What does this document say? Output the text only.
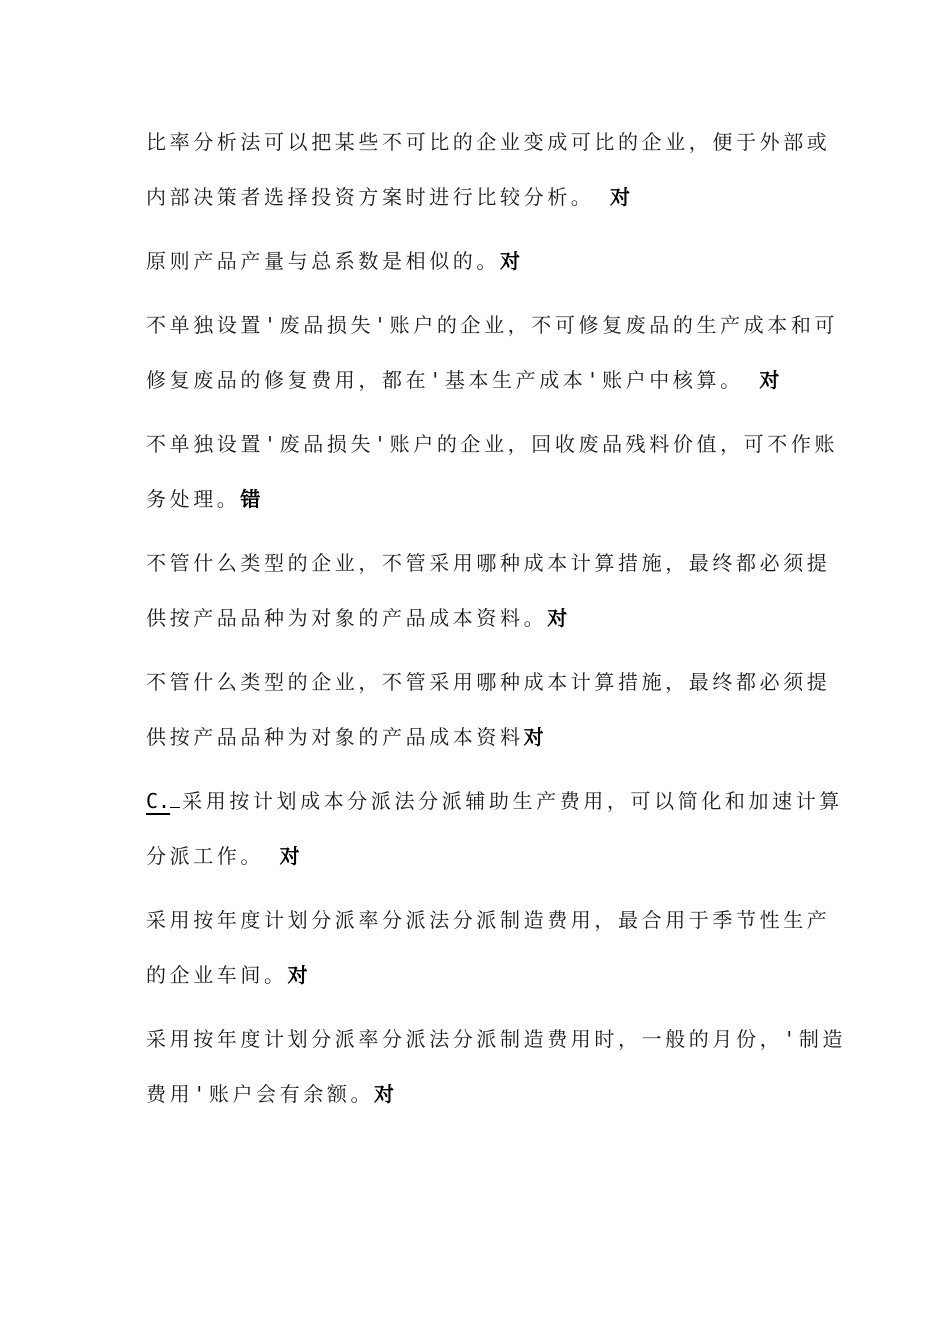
比率分析法可以把某些不可比的企业变成可比的企业，便于外部或
内部决策者选择投资方案时进行比较分析。 对
原则产品产量与总系数是相似的。对
不单独设置'废品损失'账户的企业，不可修复废品的生产成本和可
修复废品的修复费用，都在'基本生产成本'账户中核算。 对
不单独设置'废品损失'账户的企业，回收废品残料价值，可不作账
务处理。错
不管什么类型的企业，不管采用哪种成本计算措施，最终都必须提
供按产品品种为对象的产品成本资料。对
不管什么类型的企业，不管采用哪种成本计算措施，最终都必须提
供按产品品种为对象的产品成本资料对
C. 采用按计划成本分派法分派辅助生产费用，可以简化和加速计算
分派工作。 对
采用按年度计划分派率分派法分派制造费用，最合用于季节性生产
的企业车间。对
采用按年度计划分派率分派法分派制造费用时，一般的月份，'制造
费用'账户会有余额。对
